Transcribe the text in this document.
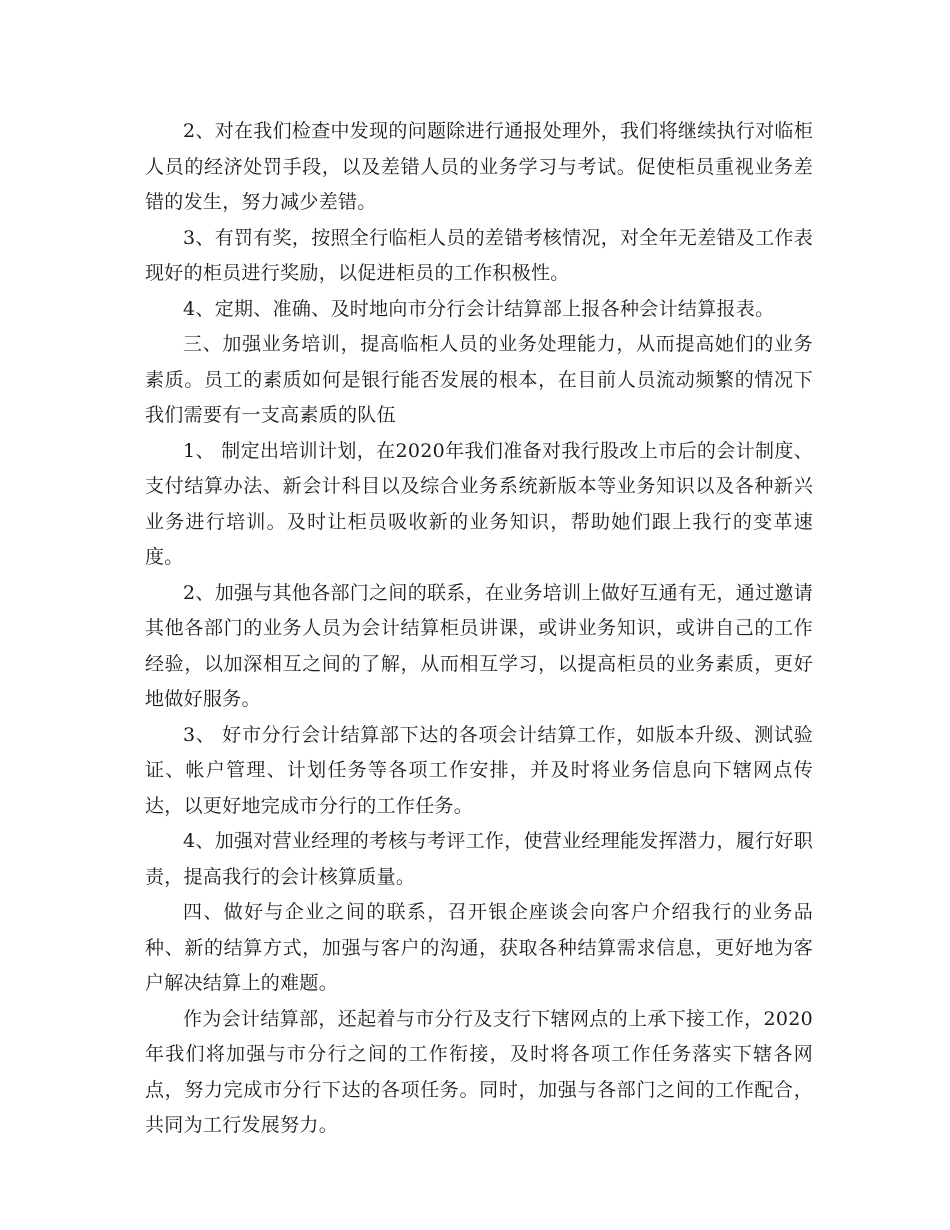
2、对在我们检查中发现的问题除进行通报处理外，我们将继续执行对临柜人员的经济处罚手段，以及差错人员的业务学习与考试。促使柜员重视业务差错的发生，努力减少差错。

3、有罚有奖，按照全行临柜人员的差错考核情况，对全年无差错及工作表现好的柜员进行奖励，以促进柜员的工作积极性。

4、定期、准确、及时地向市分行会计结算部上报各种会计结算报表。

三、加强业务培训，提高临柜人员的业务处理能力，从而提高她们的业务素质。员工的素质如何是银行能否发展的根本，在目前人员流动频繁的情况下我们需要有一支高素质的队伍

1、 制定出培训计划，在2020年我们准备对我行股改上市后的会计制度、支付结算办法、新会计科目以及综合业务系统新版本等业务知识以及各种新兴业务进行培训。及时让柜员吸收新的业务知识，帮助她们跟上我行的变革速度。

2、加强与其他各部门之间的联系，在业务培训上做好互通有无，通过邀请其他各部门的业务人员为会计结算柜员讲课，或讲业务知识，或讲自己的工作经验，以加深相互之间的了解，从而相互学习，以提高柜员的业务素质，更好地做好服务。

3、 好市分行会计结算部下达的各项会计结算工作，如版本升级、测试验证、帐户管理、计划任务等各项工作安排，并及时将业务信息向下辖网点传达，以更好地完成市分行的工作任务。

4、加强对营业经理的考核与考评工作，使营业经理能发挥潜力，履行好职责，提高我行的会计核算质量。

四、做好与企业之间的联系，召开银企座谈会向客户介绍我行的业务品种、新的结算方式，加强与客户的沟通，获取各种结算需求信息，更好地为客户解决结算上的难题。

作为会计结算部，还起着与市分行及支行下辖网点的上承下接工作，2020年我们将加强与市分行之间的工作衔接，及时将各项工作任务落实下辖各网点，努力完成市分行下达的各项任务。同时，加强与各部门之间的工作配合，共同为工行发展努力。
